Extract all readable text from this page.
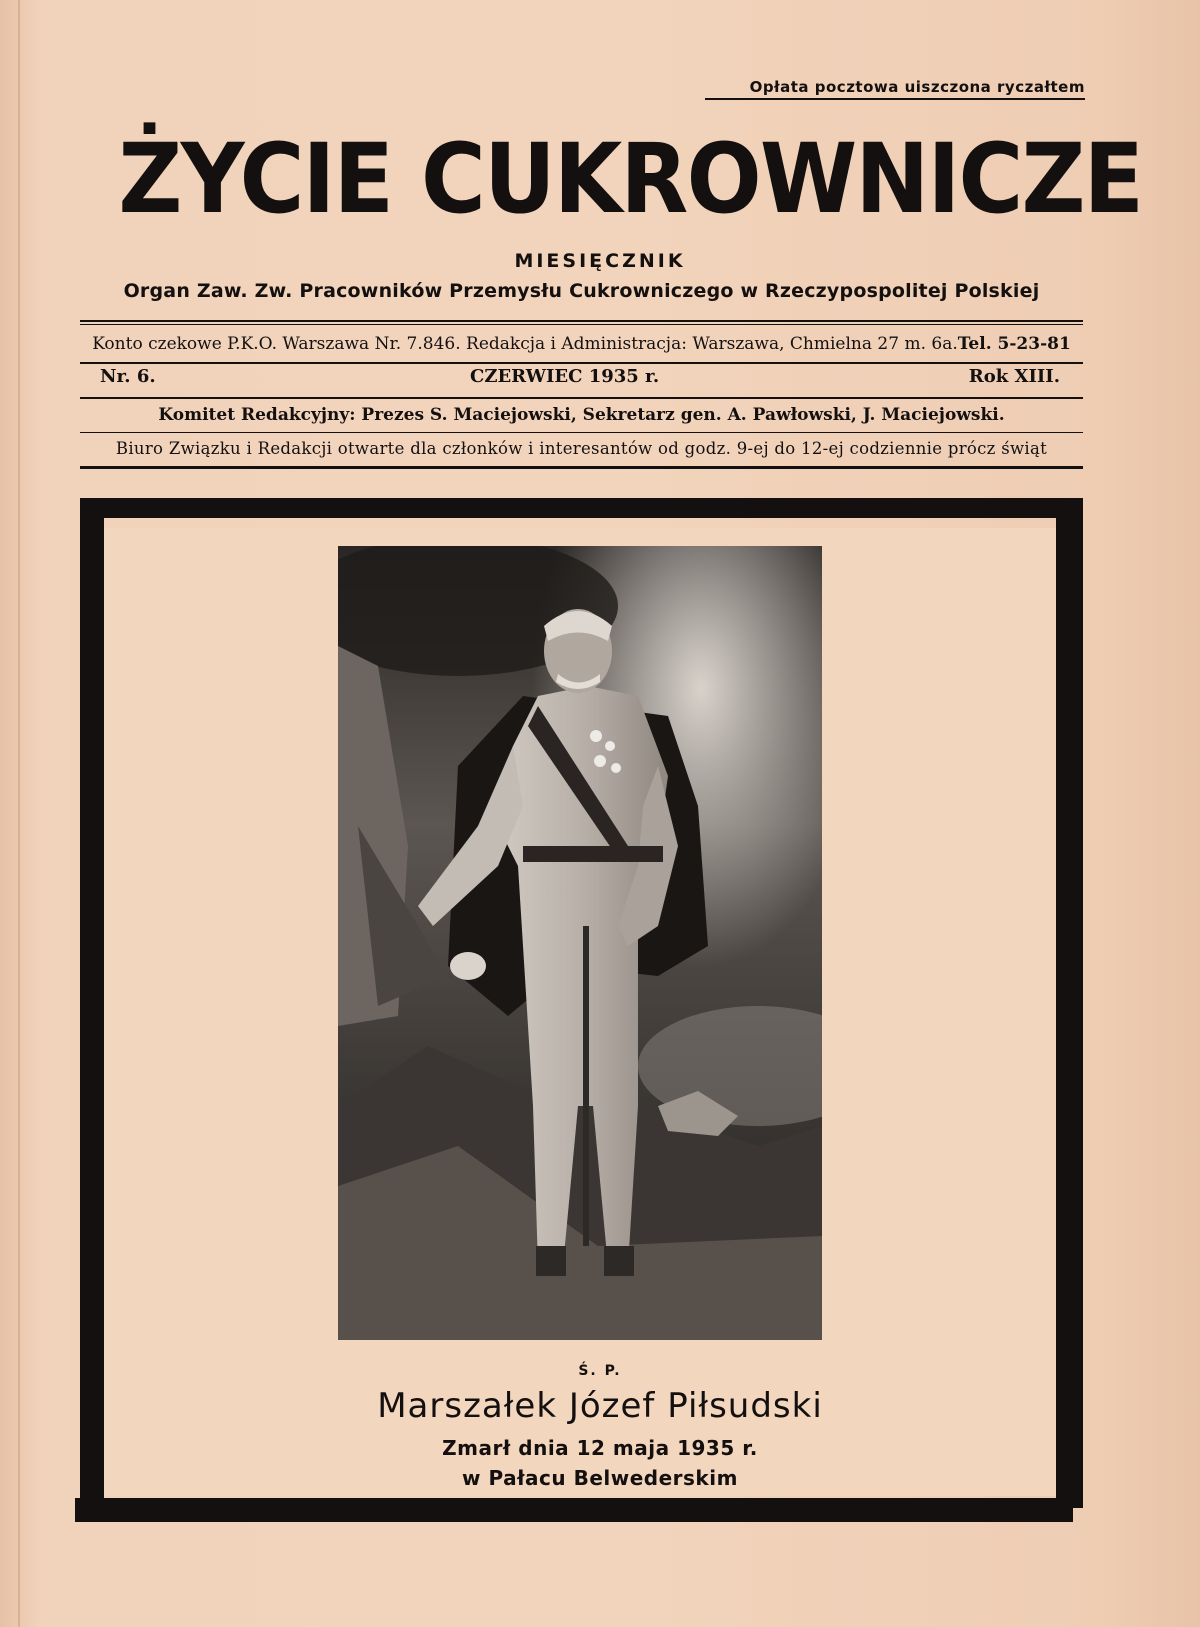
Opłata pocztowa uiszczona ryczałtem
ŻYCIE CUKROWNICZE
MIESIĘCZNIK
Organ Zaw. Zw. Pracowników Przemysłu Cukrowniczego w Rzeczypospolitej Polskiej
Konto czekowe P.K.O. Warszawa Nr. 7.846. Redakcja i Administracja: Warszawa, Chmielna 27 m. 6a.Tel. 5-23-81
Nr. 6.	CZERWIEC 1935 r.	Rok XIII.
Komitet Redakcyjny: Prezes S. Maciejowski, Sekretarz gen. A. Pawłowski, J. Maciejowski.
Biuro Związku i Redakcji otwarte dla członków i interesantów od godz. 9-ej do 12-ej codziennie prócz świąt
Ś. P.
Marszałek Józef Piłsudski
Zmarł dnia 12 maja 1935 r.
w Pałacu Belwederskim
